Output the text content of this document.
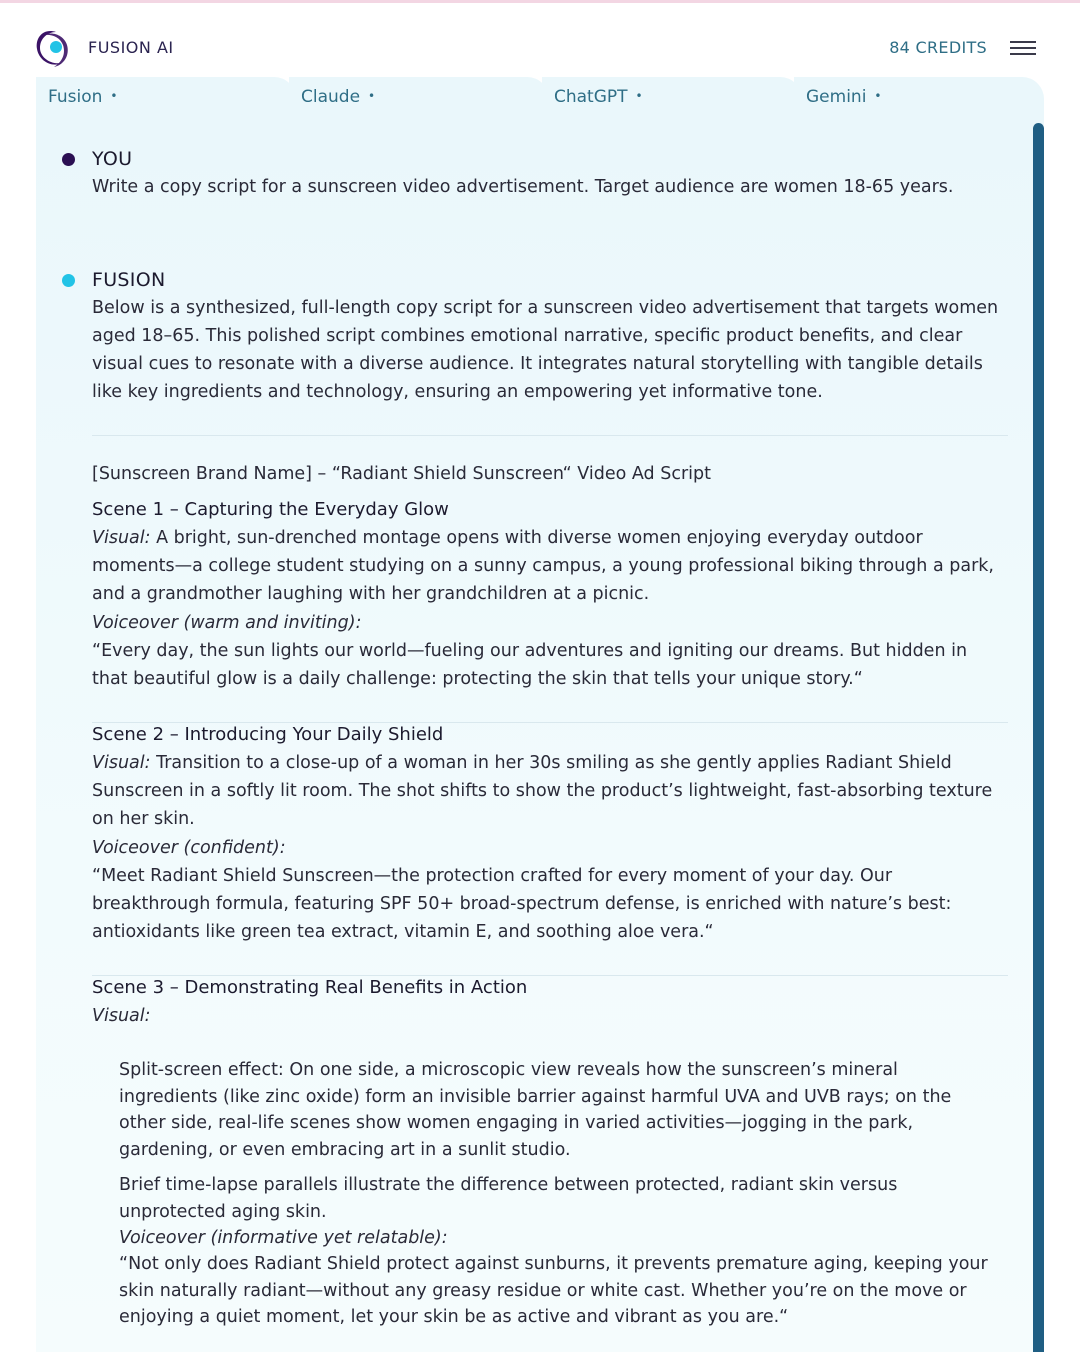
FUSION AI	84 CREDITS
Fusion •	Claude •	ChatGPT •	Gemini •
YOU
Write a copy script for a sunscreen video advertisement. Target audience are women 18-65 years.
FUSION
Below is a synthesized, full-length copy script for a sunscreen video advertisement that targets women aged 18–65. This polished script combines emotional narrative, specific product benefits, and clear visual cues to resonate with a diverse audience. It integrates natural storytelling with tangible details like key ingredients and technology, ensuring an empowering yet informative tone.
[Sunscreen Brand Name] – “Radiant Shield Sunscreen“ Video Ad Script
Scene 1 – Capturing the Everyday Glow
Visual: A bright, sun-drenched montage opens with diverse women enjoying everyday outdoor moments—a college student studying on a sunny campus, a young professional biking through a park, and a grandmother laughing with her grandchildren at a picnic.
Voiceover (warm and inviting):
“Every day, the sun lights our world—fueling our adventures and igniting our dreams. But hidden in that beautiful glow is a daily challenge: protecting the skin that tells your unique story.“
Scene 2 – Introducing Your Daily Shield
Visual: Transition to a close-up of a woman in her 30s smiling as she gently applies Radiant Shield Sunscreen in a softly lit room. The shot shifts to show the product’s lightweight, fast-absorbing texture on her skin.
Voiceover (confident):
“Meet Radiant Shield Sunscreen—the protection crafted for every moment of your day. Our breakthrough formula, featuring SPF 50+ broad-spectrum defense, is enriched with nature’s best: antioxidants like green tea extract, vitamin E, and soothing aloe vera.“
Scene 3 – Demonstrating Real Benefits in Action
Visual:
Split-screen effect: On one side, a microscopic view reveals how the sunscreen’s mineral ingredients (like zinc oxide) form an invisible barrier against harmful UVA and UVB rays; on the other side, real-life scenes show women engaging in varied activities—jogging in the park, gardening, or even embracing art in a sunlit studio.
Brief time-lapse parallels illustrate the difference between protected, radiant skin versus unprotected aging skin.
Voiceover (informative yet relatable):
“Not only does Radiant Shield protect against sunburns, it prevents premature aging, keeping your skin naturally radiant—without any greasy residue or white cast. Whether you’re on the move or enjoying a quiet moment, let your skin be as active and vibrant as you are.“
